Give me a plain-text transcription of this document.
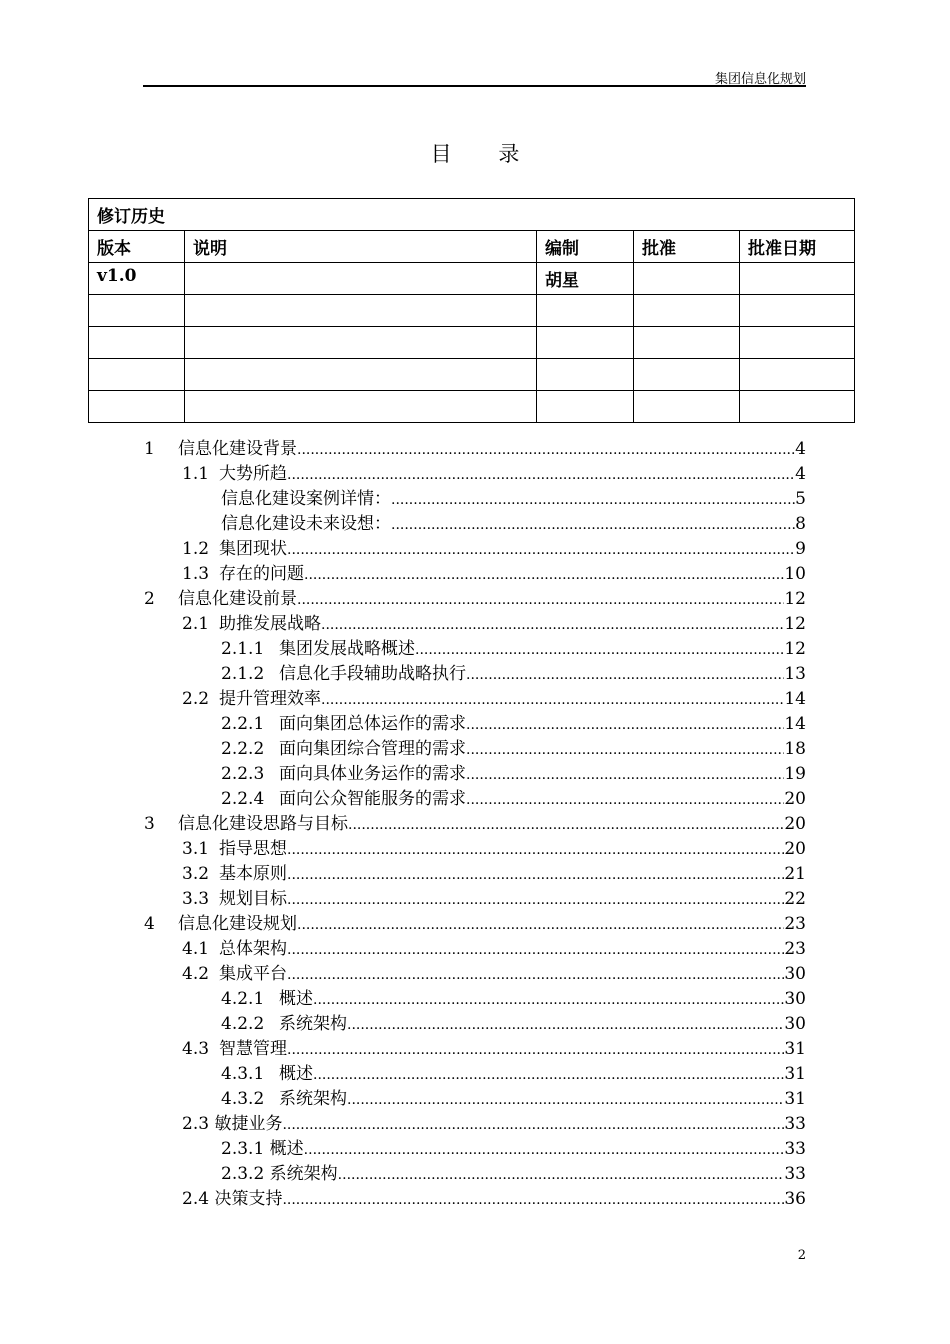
集团信息化规划
目 录
修订历史				
版本	说明	编制	批准	批准日期
v1.0		胡星		

1 信息化建设背景 .....	4
1.1 大势所趋 .....	4
信息化建设案例详情： .....	5
信息化建设未来设想： .....	8
1.2 集团现状 .....	9
1.3 存在的问题 .....	10
2 信息化建设前景 .....	12
2.1 助推发展战略 .....	12
2.1.1 集团发展战略概述 .....	12
2.1.2 信息化手段辅助战略执行 .....	13
2.2 提升管理效率 .....	14
2.2.1 面向集团总体运作的需求 .....	14
2.2.2 面向集团综合管理的需求 .....	18
2.2.3 面向具体业务运作的需求 .....	19
2.2.4 面向公众智能服务的需求 .....	20
3 信息化建设思路与目标 .....	20
3.1 指导思想 .....	20
3.2 基本原则 .....	21
3.3 规划目标 .....	22
4 信息化建设规划 .....	23
4.1 总体架构 .....	23
4.2 集成平台 .....	30
4.2.1 概述 .....	30
4.2.2 系统架构 .....	30
4.3 智慧管理 .....	31
4.3.1 概述 .....	31
4.3.2 系统架构 .....	31
2.3 敏捷业务 .....	33
2.3.1 概述 .....	33
2.3.2 系统架构 .....	33
2.4 决策支持 .....	36
2
